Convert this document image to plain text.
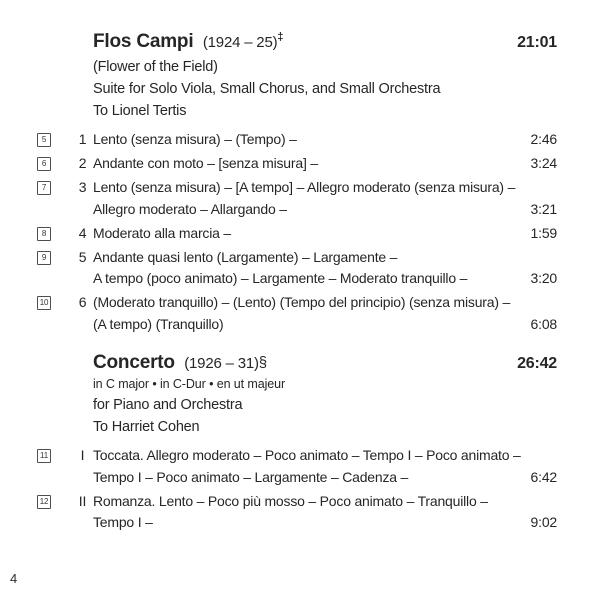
Flos Campi (1924 – 25)‡	21:01
(Flower of the Field)
Suite for Solo Viola, Small Chorus, and Small Orchestra
To Lionel Tertis
5	1 Lento (senza misura) – (Tempo) –	2:46
6	2 Andante con moto – [senza misura] –	3:24
7	3 Lento (senza misura) – [A tempo] – Allegro moderato (senza misura) –
Allegro moderato – Allargando –	3:21
8	4 Moderato alla marcia –	1:59
9	5 Andante quasi lento (Largamente) – Largamente –
A tempo (poco animato) – Largamente – Moderato tranquillo –	3:20
10	6 (Moderato tranquillo) – (Lento) (Tempo del principio) (senza misura) –
(A tempo) (Tranquillo)	6:08
Concerto (1926 – 31)§	26:42
in C major • in C-Dur • en ut majeur
for Piano and Orchestra
To Harriet Cohen
11	I Toccata. Allegro moderato – Poco animato – Tempo I – Poco animato –
Tempo I – Poco animato – Largamente – Cadenza –	6:42
12	II Romanza. Lento – Poco più mosso – Poco animato – Tranquillo –
Tempo I –	9:02
4
